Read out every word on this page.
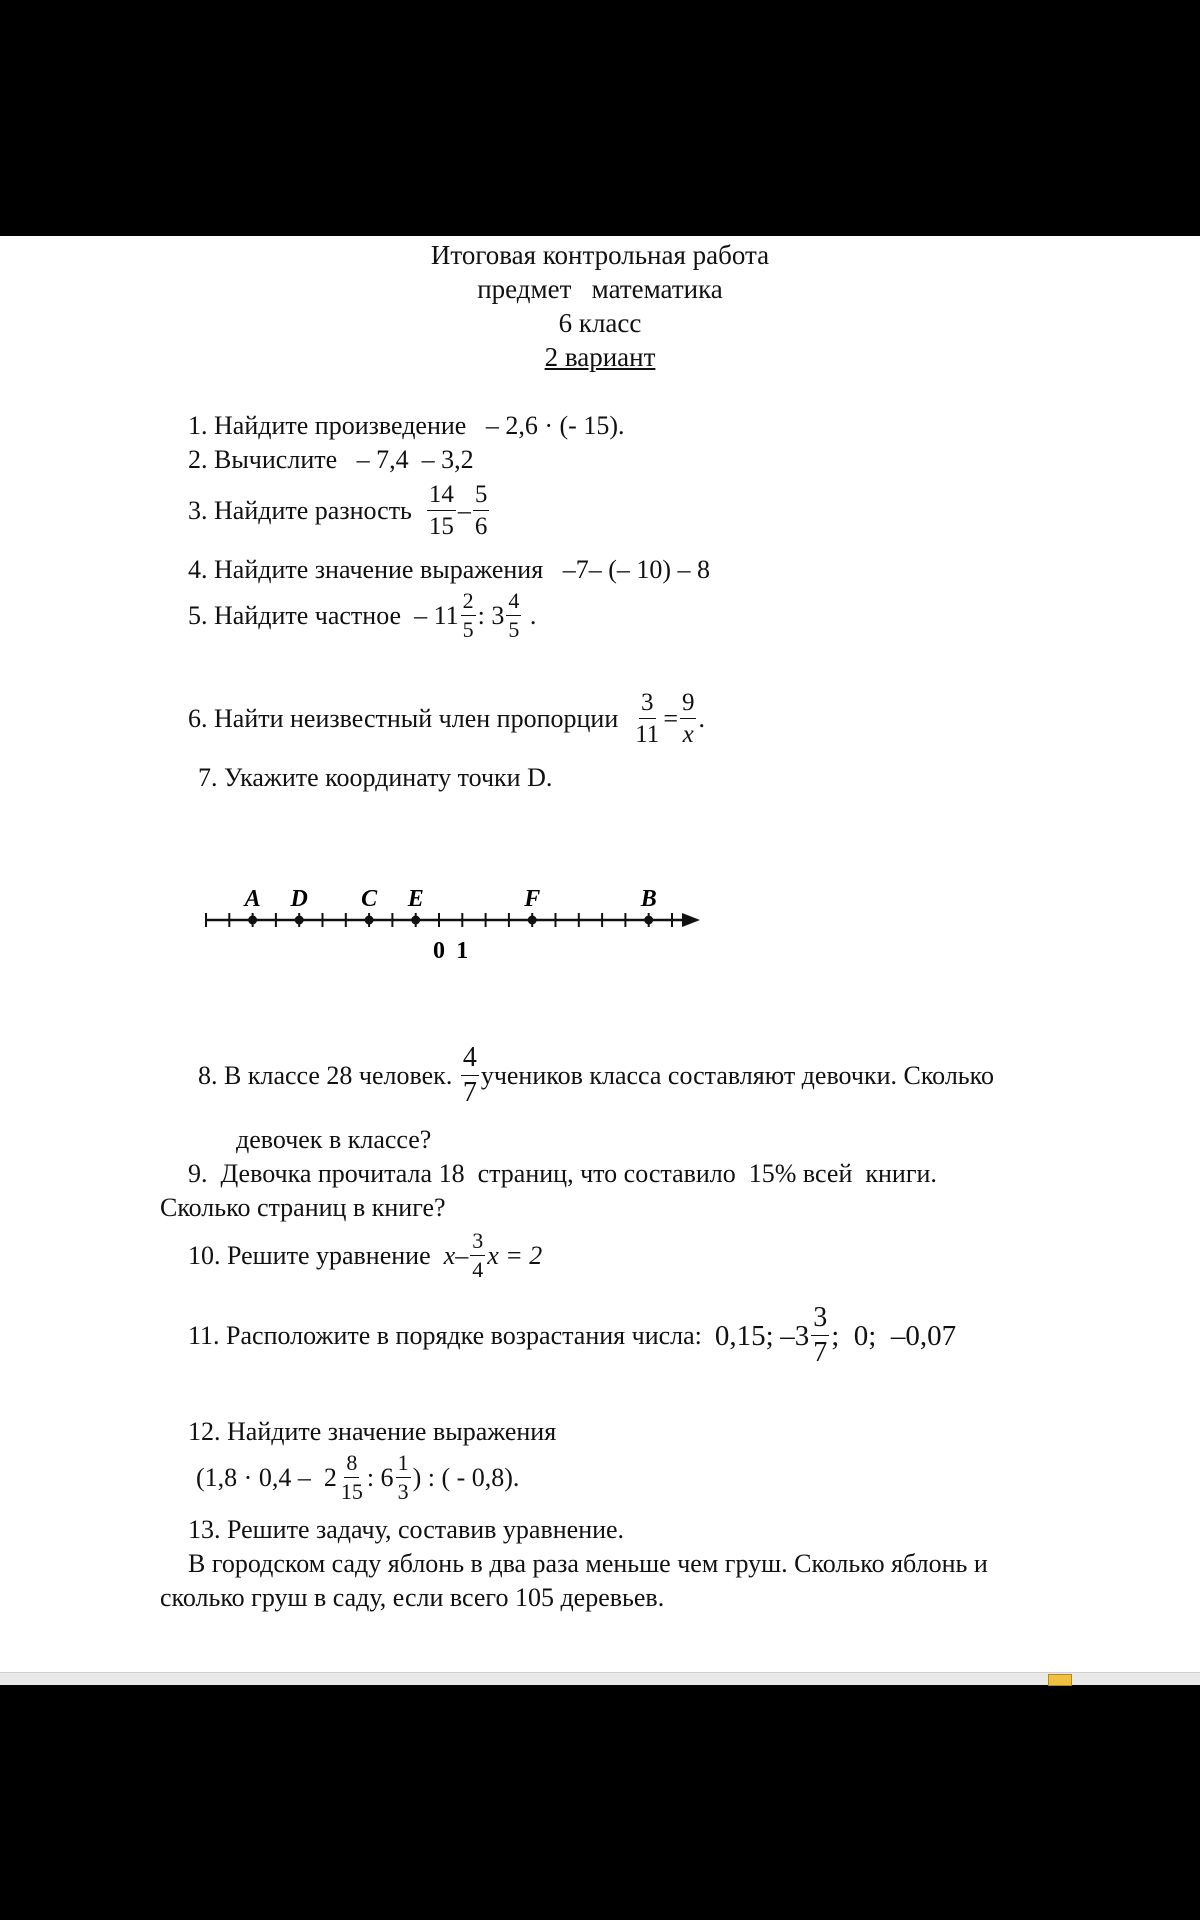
Итоговая контрольная работа
предмет   математика
6 класс
2 вариант
1. Найдите произведение – 2,6 · (- 15).
2. Вычислите – 7,4  – 3,2
3. Найдите разность
$\frac{14}{15} - \frac{5}{6}$
4. Найдите значение выражения –7– (– 10) – 8
5. Найдите частное
– $11 \frac{2}{5}$ : $3 \frac{4}{5}$
.
6. Найти неизвестный член пропорции
$\frac{3}{11} = \frac{9}{x}$ .
7. Укажите координату точки D.
A D C E	F	B
0 1
8. В классе 28 человек.
$\frac{4}{7}$ учеников класса составляют девочки. Сколько
девочек в классе?
9.  Девочка прочитала 18  страниц, что составило  15% всей  книги.
Сколько страниц в книге?
10. Решите уравнение
x – $\frac{3}{4}$ x = 2
11. Расположите в порядке возрастания числа:
0,15;
$-3 \frac{3}{7}$ ;  0;  –0,07
12. Найдите значение выражения
($1,8 \cdot 0,4 - 2 \frac{8}{15}$ : $6 \frac{1}{3}$ ) : ( - 0,8).
13. Решите задачу, составив уравнение.
В городском саду яблонь в два раза меньше чем груш. Сколько яблонь и
сколько груш в саду, если всего 105 деревьев.
